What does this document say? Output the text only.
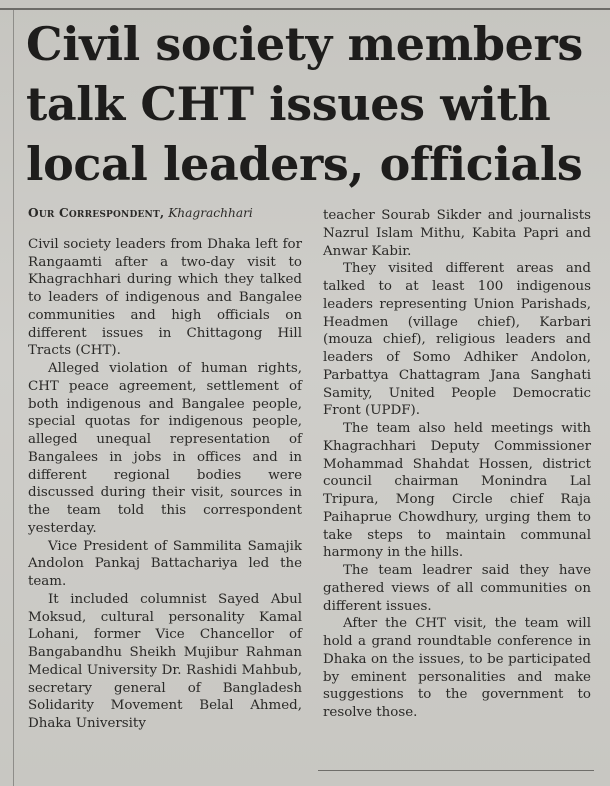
Civil society members talk CHT issues with local leaders, officials
Our Correspondent, Khagrachhari

Civil society leaders from Dhaka left for Rangaamti after a two-day visit to Khagrachhari during which they talked to leaders of indigenous and Bangalee communities and high officials on different issues in Chittagong Hill Tracts (CHT).

Alleged violation of human rights, CHT peace agreement, settlement of both indigenous and Bangalee people, special quotas for indigenous people, alleged unequal representation of Bangalees in jobs in offices and in different regional bodies were discussed during their visit, sources in the team told this correspondent yesterday.

Vice President of Sammilita Samajik Andolon Pankaj Battachariya led the team.

It included columnist Sayed Abul Moksud, cultural personality Kamal Lohani, former Vice Chancellor of Bangabandhu Sheikh Mujibur Rahman Medical University Dr. Rashidi Mahbub, secretary general of Bangladesh Solidarity Movement Belal Ahmed, Dhaka University

teacher Sourab Sikder and journalists Nazrul Islam Mithu, Kabita Papri and Anwar Kabir.

They visited different areas and talked to at least 100 indigenous leaders representing Union Parishads, Headmen (village chief), Karbari (mouza chief), religious leaders and leaders of Somo Adhiker Andolon, Parbattya Chattagram Jana Sanghati Samity, United People Democratic Front (UPDF).

The team also held meetings with Khagrachhari Deputy Commissioner Mohammad Shahdat Hossen, district council chairman Monindra Lal Tripura, Mong Circle chief Raja Paihaprue Chowdhury, urging them to take steps to maintain communal harmony in the hills.

The team leadrer said they have gathered views of all communities on different issues.

After the CHT visit, the team will hold a grand roundtable conference in Dhaka on the issues, to be participated by eminent personalities and make suggestions to the government to resolve those.
